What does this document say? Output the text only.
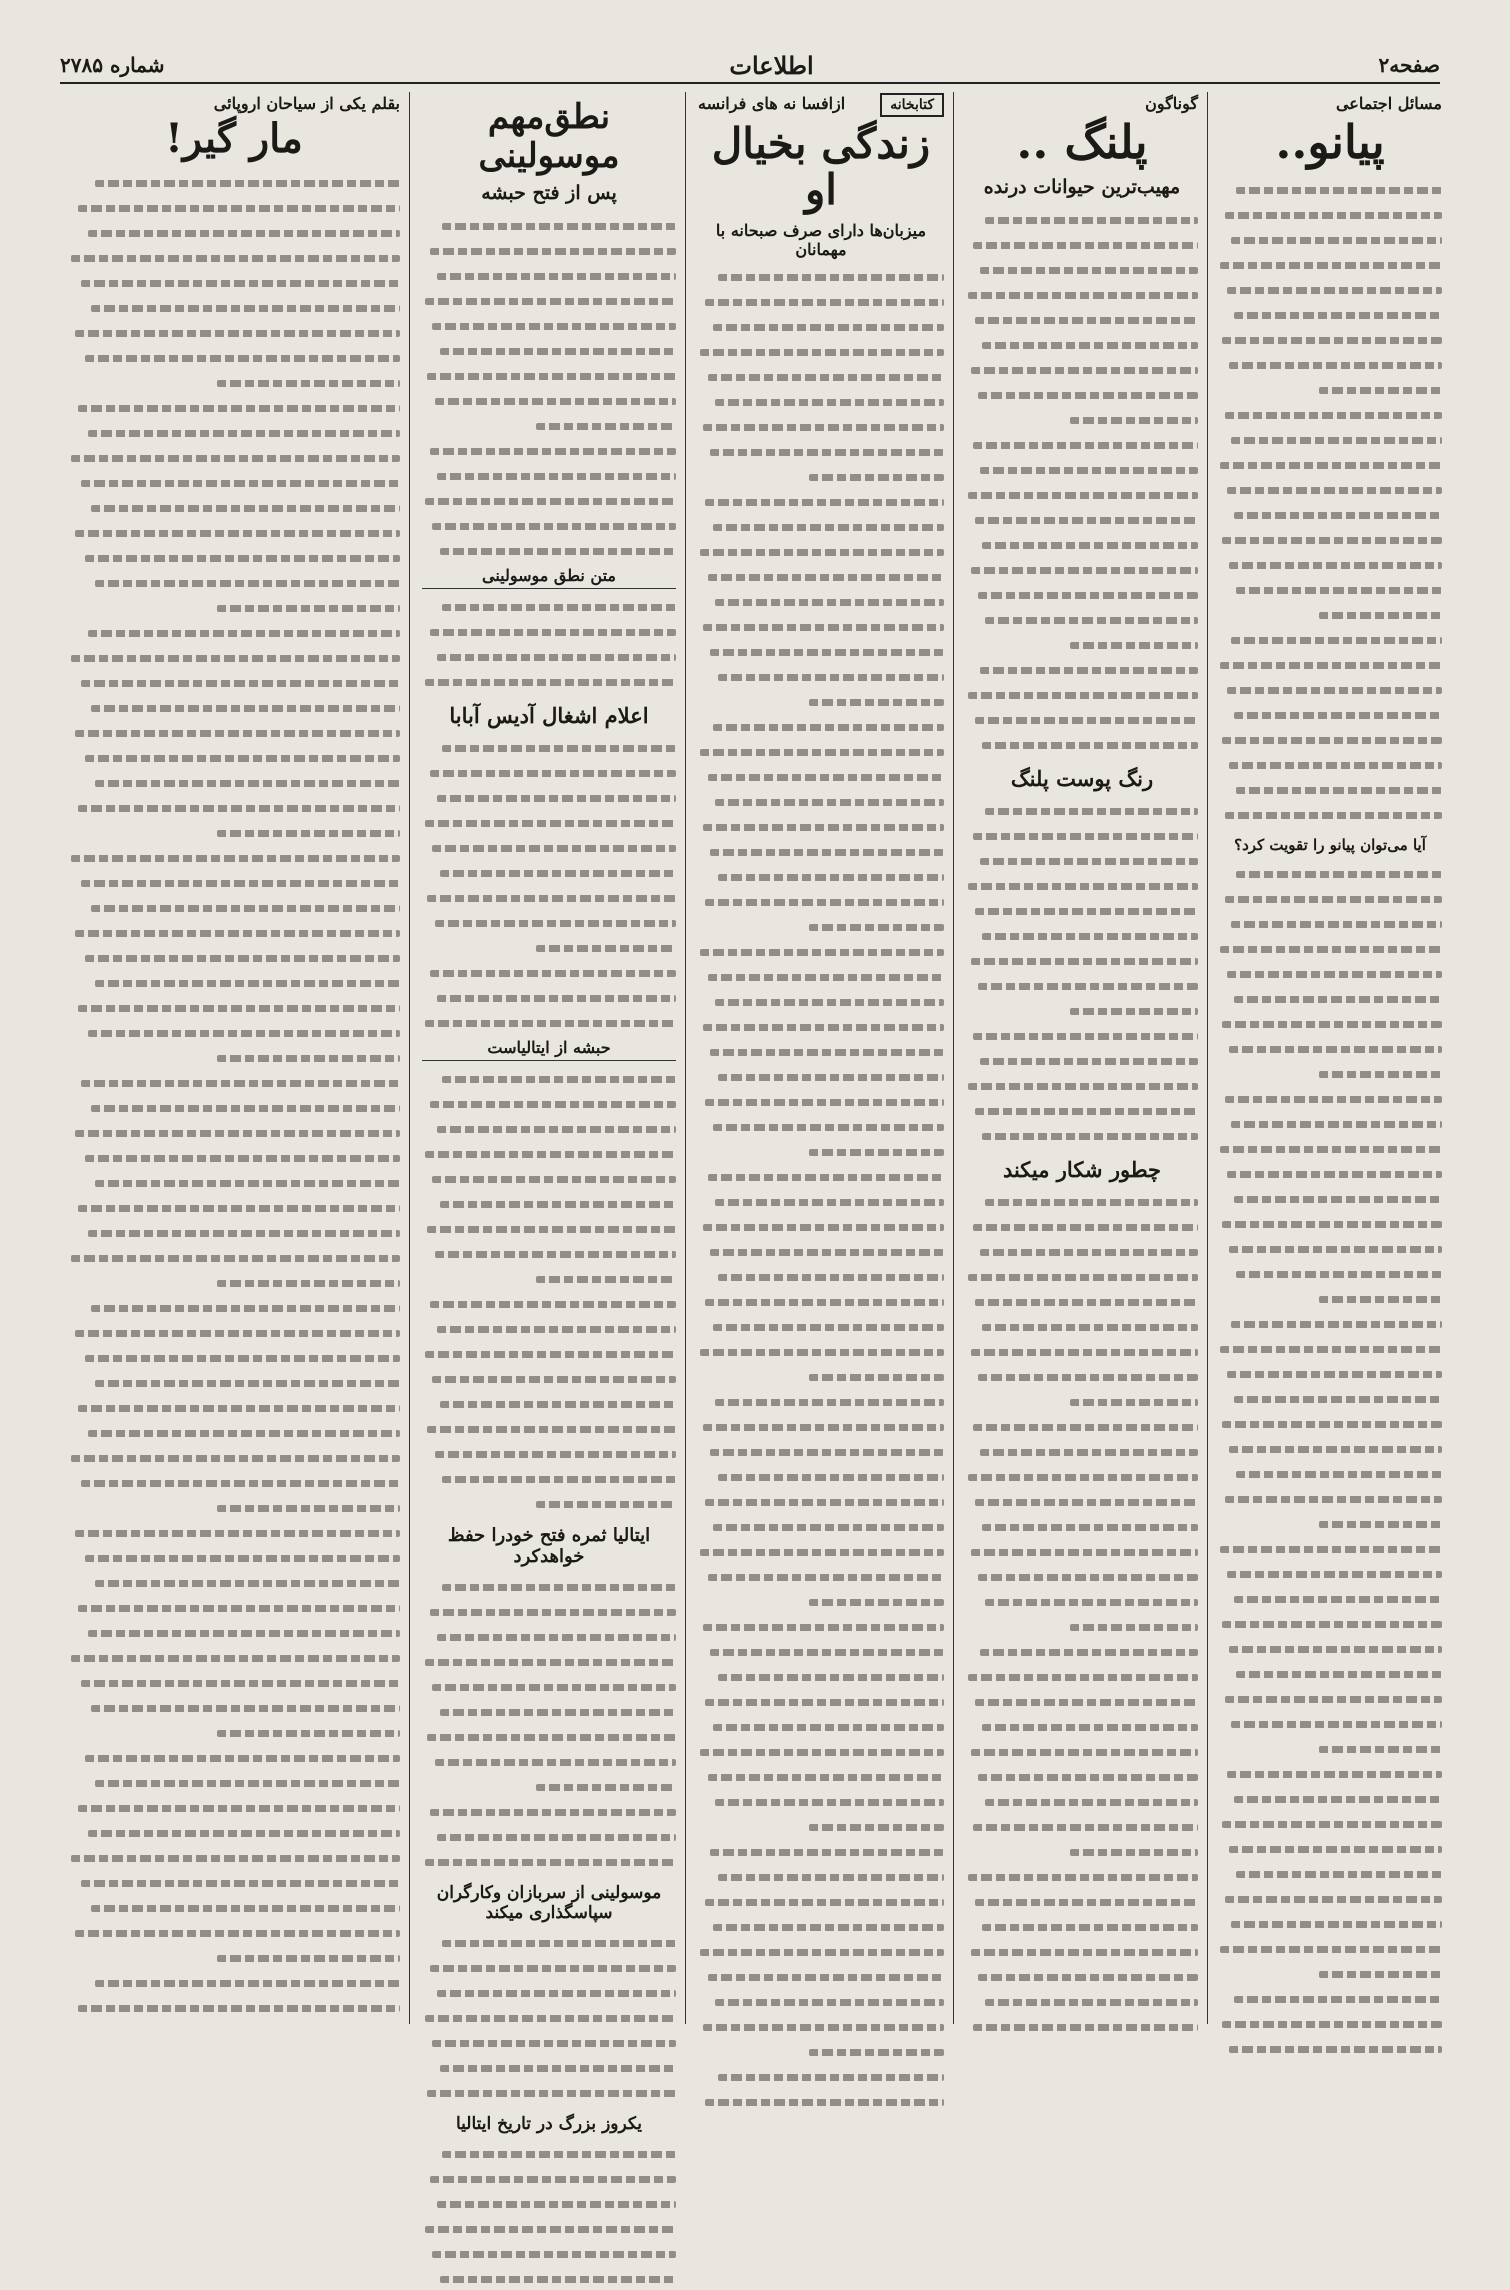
صفحه۲
اطلاعات
شماره ۲۷۸۵
مسائل اجتماعی
پیانو..
آیا می‌توان پیانو را تقویت کرد؟
گوناگون
پلنگ ..
مهیب‌ترین حیوانات درنده
رنگ پوست پلنگ
چطور شکار میکند
کتابخانه
ازافسا نه های فرانسه
زندگی بخیال او
میزبان‌ها دارای صرف صبحانه با مهمانان
نطق‌مهم موسولینی
پس از فتح حبشه
متن نطق موسولینی
اعلام اشغال آدیس آبابا
حبشه از ایتالیاست
ایتالیا ثمره فتح خودرا حفظ خواهدکرد
موسولینی از سربازان وکارگران سپاسگذاری میکند
یکروز بزرگ در تاریخ ایتالیا
بقلم یکی از سیاحان اروپائی
مار گیر!
